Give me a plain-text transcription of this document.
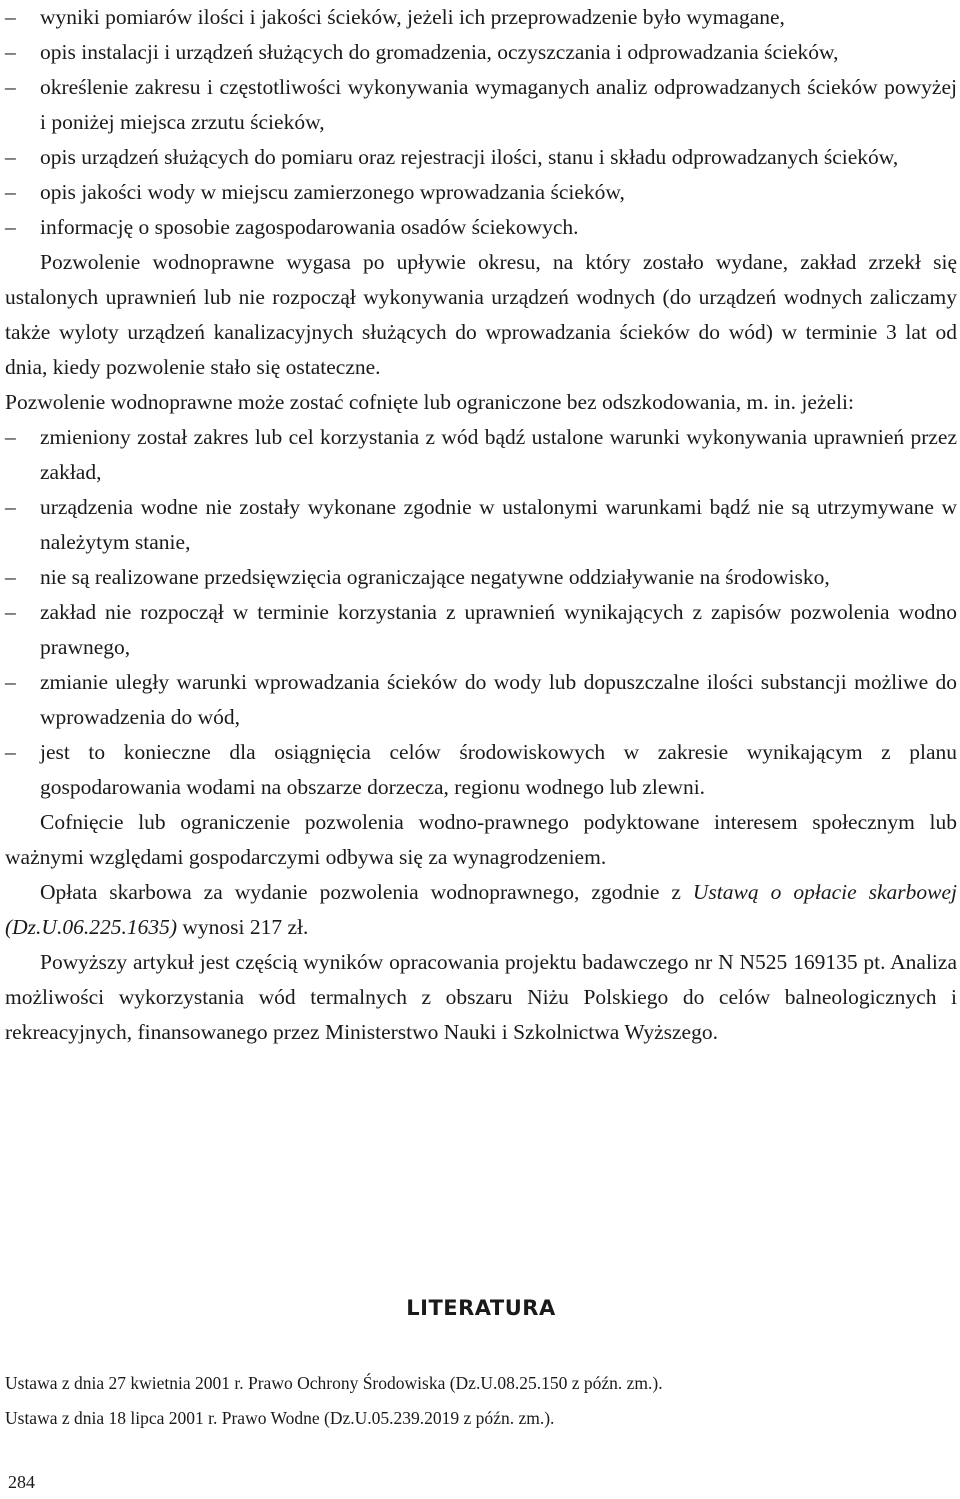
– wyniki pomiarów ilości i jakości ścieków, jeżeli ich przeprowadzenie było wymagane,
– opis instalacji i urządzeń służących do gromadzenia, oczyszczania i odprowadzania ścieków,
– określenie zakresu i częstotliwości wykonywania wymaganych analiz odprowadzanych ścieków powyżej i poniżej miejsca zrzutu ścieków,
– opis urządzeń służących do pomiaru oraz rejestracji ilości, stanu i składu odprowadzanych ścieków,
– opis jakości wody w miejscu zamierzonego wprowadzania ścieków,
– informację o sposobie zagospodarowania osadów ściekowych.

Pozwolenie wodnoprawne wygasa po upływie okresu, na który zostało wydane, zakład zrzekł się ustalonych uprawnień lub nie rozpoczął wykonywania urządzeń wodnych (do urządzeń wodnych zaliczamy także wyloty urządzeń kanalizacyjnych służących do wprowadzania ścieków do wód) w terminie 3 lat od dnia, kiedy pozwolenie stało się ostateczne.

Pozwolenie wodnoprawne może zostać cofnięte lub ograniczone bez odszkodowania, m. in. jeżeli:

– zmieniony został zakres lub cel korzystania z wód bądź ustalone warunki wykonywania uprawnień przez zakład,
– urządzenia wodne nie zostały wykonane zgodnie w ustalonymi warunkami bądź nie są utrzymywane w należytym stanie,
– nie są realizowane przedsięwzięcia ograniczające negatywne oddziaływanie na środowisko,
– zakład nie rozpoczął w terminie korzystania z uprawnień wynikających z zapisów pozwolenia wodno prawnego,
– zmianie uległy warunki wprowadzania ścieków do wody lub dopuszczalne ilości substancji możliwe do wprowadzenia do wód,
– jest to konieczne dla osiągnięcia celów środowiskowych w zakresie wynikającym z planu gospodarowania wodami na obszarze dorzecza, regionu wodnego lub zlewni.

Cofnięcie lub ograniczenie pozwolenia wodno-prawnego podyktowane interesem społecznym lub ważnymi względami gospodarczymi odbywa się za wynagrodzeniem.

Opłata skarbowa za wydanie pozwolenia wodnoprawnego, zgodnie z Ustawą o opłacie skarbowej (Dz.U.06.225.1635) wynosi 217 zł.

Powyższy artykuł jest częścią wyników opracowania projektu badawczego nr N N525 169135 pt. Analiza możliwości wykorzystania wód termalnych z obszaru Niżu Polskiego do celów balneologicznych i rekreacyjnych, finansowanego przez Ministerstwo Nauki i Szkolnictwa Wyższego.

LITERATURA
Ustawa z dnia 27 kwietnia 2001 r. Prawo Ochrony Środowiska (Dz.U.08.25.150 z późn. zm.).
Ustawa z dnia 18 lipca 2001 r. Prawo Wodne (Dz.U.05.239.2019 z późn. zm.).
284
